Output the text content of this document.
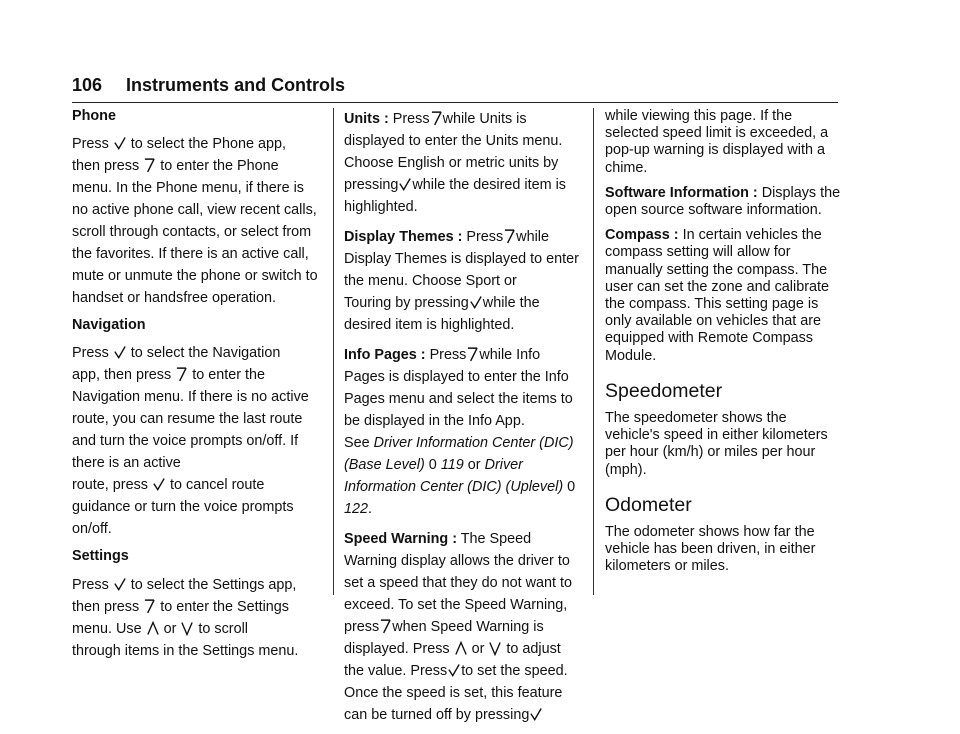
106 Instruments and Controls

Phone

Press to select the Phone app,
then press to enter the Phone
menu. In the Phone menu, if there is no active phone call, view recent calls, scroll through contacts, or select from the favorites. If there is an active call, mute or unmute the phone or switch to handset or handsfree operation.

Navigation

Press to select the Navigation
app, then press to enter the
Navigation menu. If there is no active route, you can resume the last route and turn the voice prompts on/off. If there is an active
route, press to cancel route
guidance or turn the voice prompts on/off.

Settings

Press to select the Settings app,
then press to enter the Settings
menu. Use or to scroll
through items in the Settings menu.

Units : Press while Units is
displayed to enter the Units menu. Choose English or metric units by
pressing while the desired item is
highlighted.

Display Themes : Press while
Display Themes is displayed to enter the menu. Choose Sport or
Touring by pressing while the
desired item is highlighted.

Info Pages : Press while Info
Pages is displayed to enter the Info Pages menu and select the items to be displayed in the Info App.
See Driver Information Center (DIC) (Base Level) 0 119 or Driver Information Center (DIC) (Uplevel) 0 122.

Speed Warning : The Speed Warning display allows the driver to set a speed that they do not want to exceed. To set the Speed Warning,
press when Speed Warning is
displayed. Press or to adjust
the value. Press to set the speed.
Once the speed is set, this feature
can be turned off by pressing

while viewing this page. If the selected speed limit is exceeded, a pop-up warning is displayed with a chime.

Software Information : Displays the open source software information.

Compass : In certain vehicles the compass setting will allow for manually setting the compass. The user can set the zone and calibrate the compass. This setting page is only available on vehicles that are equipped with Remote Compass Module.

Speedometer

The speedometer shows the vehicle's speed in either kilometers per hour (km/h) or miles per hour (mph).

Odometer

The odometer shows how far the vehicle has been driven, in either kilometers or miles.
